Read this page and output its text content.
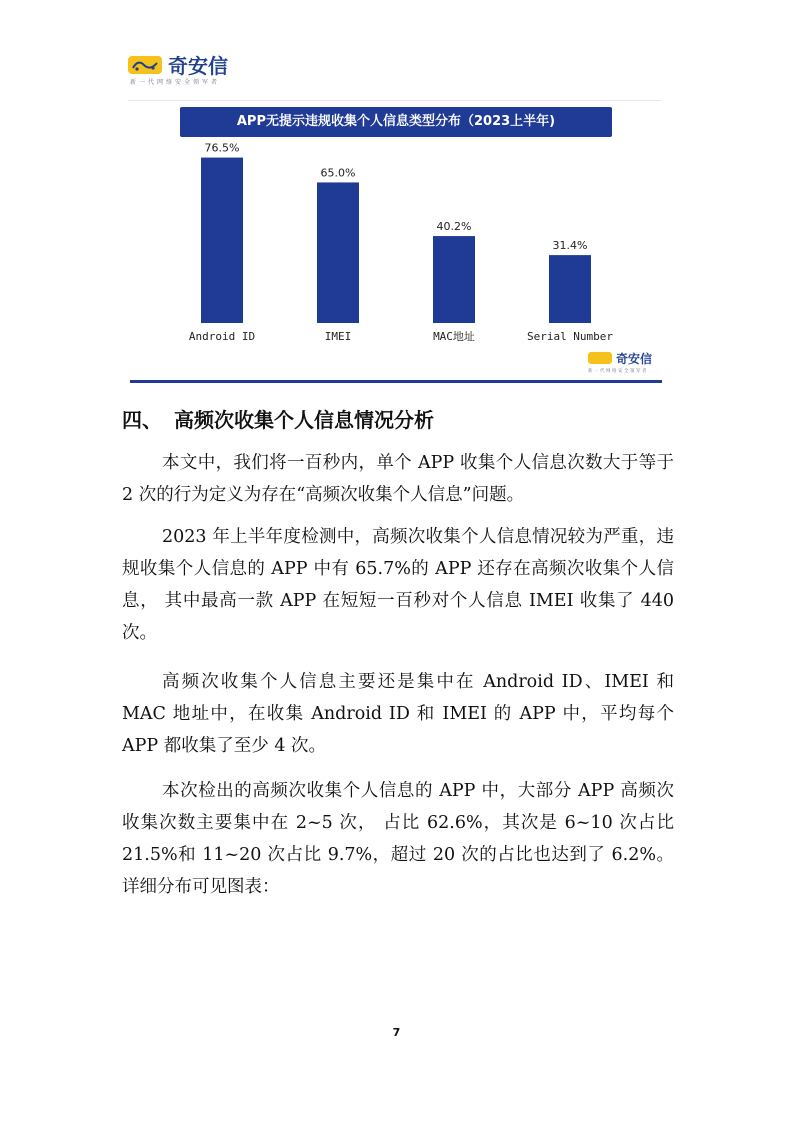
奇安信
新一代网络安全领军者
APP无提示违规收集个人信息类型分布（2023上半年)
76.5%
Android ID
65.0%
IMEI
40.2%
MAC地址
31.4%
Serial Number
奇安信
新一代网络安全领军者
四、 高频次收集个人信息情况分析

本文中，我们将一百秒内，单个 APP 收集个人信息次数大于等于 2 次的行为定义为存在“高频次收集个人信息”问题。

2023 年上半年度检测中，高频次收集个人信息情况较为严重，违规收集个人信息的 APP 中有 65.7%的 APP 还存在高频次收集个人信息， 其中最高一款 APP 在短短一百秒对个人信息 IMEI 收集了 440 次。

高频次收集个人信息主要还是集中在 Android ID、IMEI 和 MAC 地址中，在收集 Android ID 和 IMEI 的 APP 中，平均每个 APP 都收集了至少 4 次。

本次检出的高频次收集个人信息的 APP 中，大部分 APP 高频次收集次数主要集中在 2~5 次， 占比 62.6%，其次是 6~10 次占比 21.5%和 11~20 次占比 9.7%，超过 20 次的占比也达到了 6.2%。详细分布可见图表：

7
